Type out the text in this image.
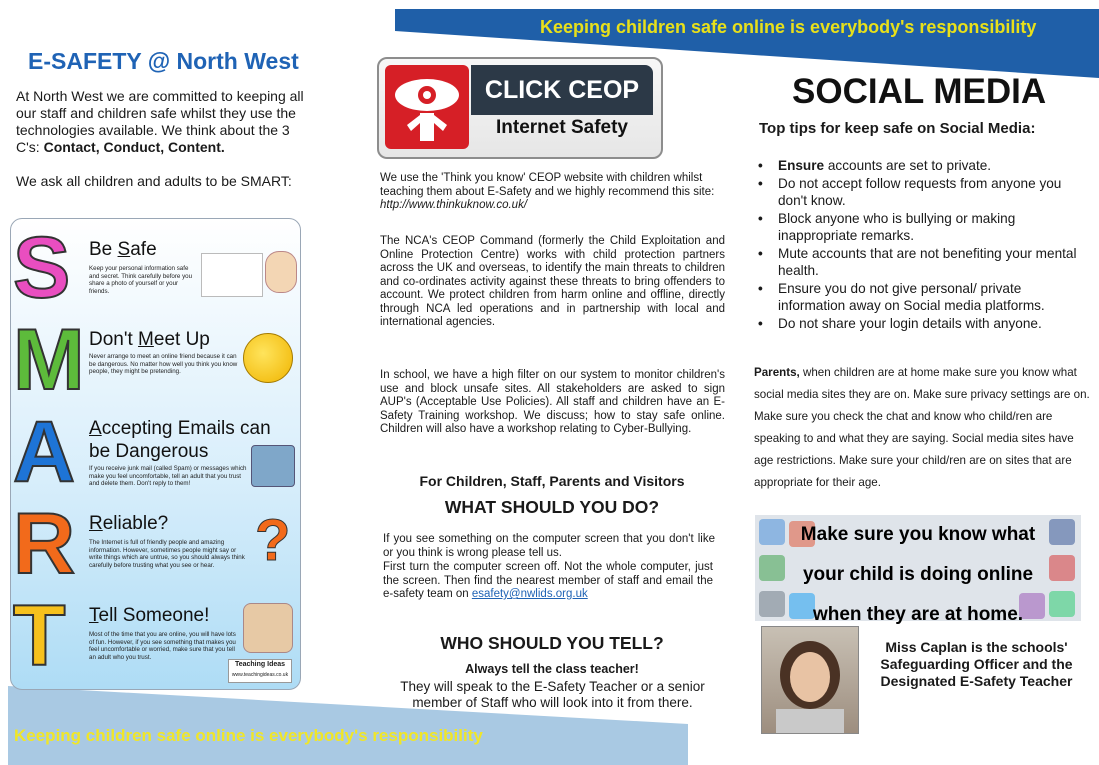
Keeping children safe online is everybody's responsibility
Keeping children safe online is everybody's responsibility
E-SAFETY @ North West
At North West we are committed to keeping all our staff and children safe whilst they use the technologies available. We think about the 3 C's: Contact, Conduct, Content.
We ask all children and adults to be SMART:
S Be Safe
Keep your personal information safe and secret. Think carefully before you share a photo of yourself or your friends.
M Don't Meet Up
Never arrange to meet an online friend because it can be dangerous. No matter how well you think you know people, they might be pretending.
A Accepting Emails can be Dangerous
If you receive junk mail (called Spam) or messages which make you feel uncomfortable, tell an adult that you trust and delete them. Don't reply to them!
R Reliable?
The Internet is full of friendly people and amazing information. However, sometimes people might say or write things which are untrue, so you should always think carefully before trusting what you see or hear. ?
T Tell Someone!
Most of the time that you are online, you will have lots of fun. However, if you see something that makes you feel uncomfortable or worried, make sure that you tell an adult who you trust.
Teaching Ideas
www.teachingideas.co.uk
CLICK CEOP
Internet Safety
We use the 'Think you know' CEOP website with children whilst teaching them about E-Safety and we highly recommend this site: http://www.thinkuknow.co.uk/
The NCA's CEOP Command (formerly the Child Exploitation and Online Protection Centre) works with child protection partners across the UK and overseas, to identify the main threats to children and co-ordinates activity against these threats to bring offenders to account. We protect children from harm online and offline, directly through NCA led operations and in partnership with local and international agencies.
In school, we have a high filter on our system to monitor children's use and block unsafe sites. All stakeholders are asked to sign AUP's (Acceptable Use Policies). All staff and children have an E-Safety Training workshop. We discuss; how to stay safe online. Children will also have a workshop relating to Cyber-Bullying.
For Children, Staff, Parents and Visitors
WHAT SHOULD YOU DO?
If you see something on the computer screen that you don't like or you think is wrong please tell us.
First turn the computer screen off. Not the whole computer, just the screen. Then find the nearest member of staff and email the e-safety team on esafety@nwlids.org.uk
WHO SHOULD YOU TELL?
Always tell the class teacher!
They will speak to the E-Safety Teacher or a senior member of Staff who will look into it from there.
SOCIAL MEDIA
Top tips for keep safe on Social Media:
• Ensure accounts are set to private.
• Do not accept follow requests from anyone you don't know.
• Block anyone who is bullying or making inappropriate remarks.
• Mute accounts that are not benefiting your mental health.
• Ensure you do not give personal/ private information away on Social media platforms.
• Do not share your login details with anyone.
Parents, when children are at home make sure you know what social media sites they are on. Make sure privacy settings are on. Make sure you check the chat and know who child/ren are speaking to and what they are saying. Social media sites have age restrictions. Make sure your child/ren are on sites that are appropriate for their age.
Make sure you know what
your child is doing online
when they are at home.
Miss Caplan is the schools' Safeguarding Officer and the Designated E-Safety Teacher
